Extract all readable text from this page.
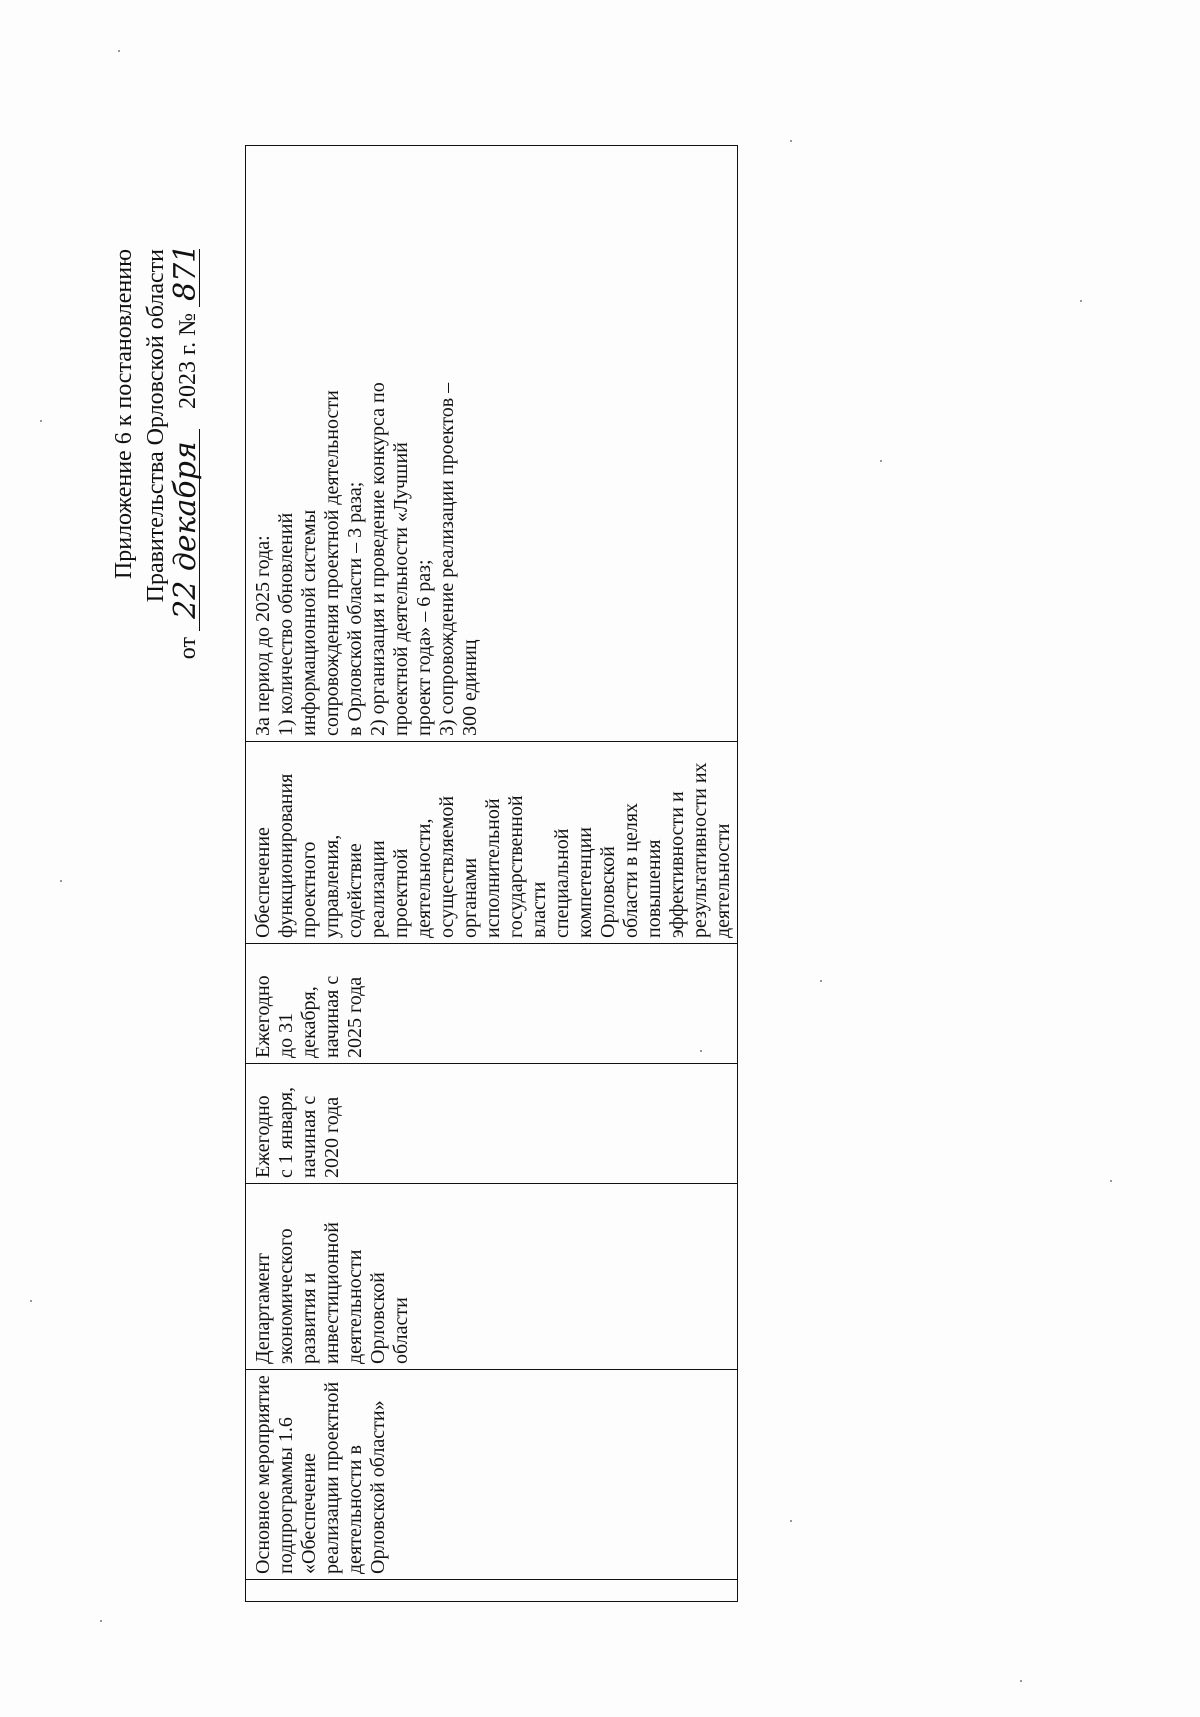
Приложение 6 к постановлению Правительства Орловской области
от 22 декабря 2023 г. № 871

Основное мероприятие
подпрограммы 1.6
«Обеспечение
реализации проектной
деятельности в
Орловской области»

Департамент
экономического
развития и
инвестиционной
деятельности
Орловской
области

Ежегодно
с 1 января,
начиная с
2020 года

Ежегодно
до 31
декабря,
начиная с
2025 года

Обеспечение
функционирования
проектного управления,
содействие реализации
проектной деятельности,
осуществляемой
органами
исполнительной
государственной власти
специальной
компетенции Орловской
области в целях
повышения
эффективности и
результативности их
деятельности

За период до 2025 года:
1) количество обновлений
информационной системы
сопровождения проектной деятельности
в Орловской области – 3 раза;
2) организация и проведение конкурса по
проектной деятельности «Лучший
проект года» – 6 раз;
3) сопровождение реализации проектов –
300 единиц
